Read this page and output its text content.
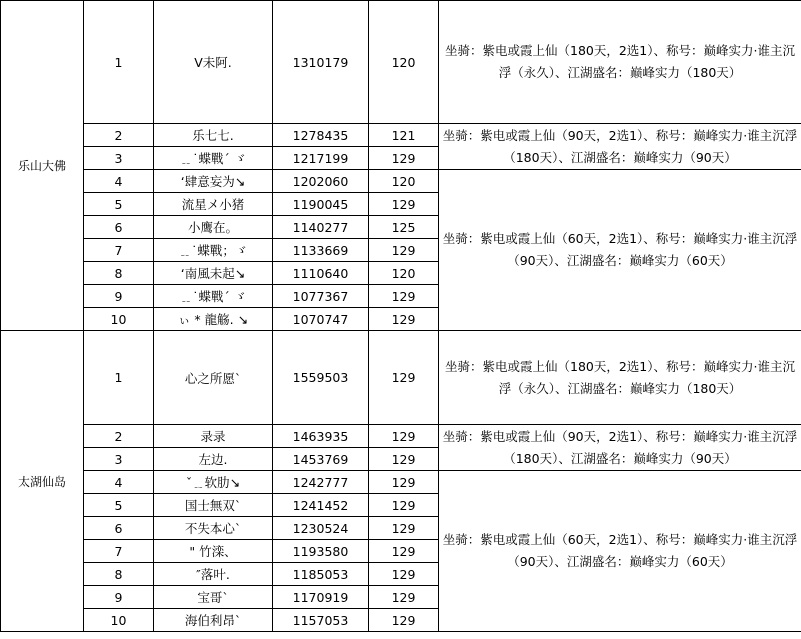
乐山大佛	1	V未阿.	1310179	120	坐骑：紫电或霞上仙（180天，2选1）、称号：巅峰实力·谁主沉浮（永久）、江湖盛名：巅峰实力（180天）
	2	乐七七.	1278435	121	坐骑：紫电或霞上仙（90天，2选1）、称号：巅峰实力·谁主沉浮（180天）、江湖盛名：巅峰实力（90天）
	3	﹎˙蝶戰ˊ ゞ	1217199	129	
	4	‘肆意妄为↘	1202060	120	坐骑：紫电或霞上仙（60天，2选1）、称号：巅峰实力·谁主沉浮（90天）、江湖盛名：巅峰实力（60天）
	5	流星メ小猪	1190045	129	
	6	小鹰在。	1140277	125	
	7	﹎˙蝶戰；ゞ	1133669	129	
	8	‘南風未起↘	1110640	120	
	9	﹎˙蝶戰ˊ ゞ	1077367	129	
	10	ぃ * 龍觞. ↘	1070747	129	
太湖仙岛	1	心之所愿`	1559503	129	坐骑：紫电或霞上仙（180天，2选1）、称号：巅峰实力·谁主沉浮（永久）、江湖盛名：巅峰实力（180天）
	2	录录	1463935	129	坐骑：紫电或霞上仙（90天，2选1）、称号：巅峰实力·谁主沉浮（180天）、江湖盛名：巅峰实力（90天）
	3	左边.	1453769	129	
	4	ˇ﹎软肋↘	1242777	129	坐骑：紫电或霞上仙（60天，2选1）、称号：巅峰实力·谁主沉浮（90天）、江湖盛名：巅峰实力（60天）
	5	国士無双`	1241452	129	
	6	不失本心`	1230524	129	
	7	" 竹滦、	1193580	129	
	8	″落叶.	1185053	129	
	9	宝哥`	1170919	129	
	10	海伯利昂`	1157053	129	
